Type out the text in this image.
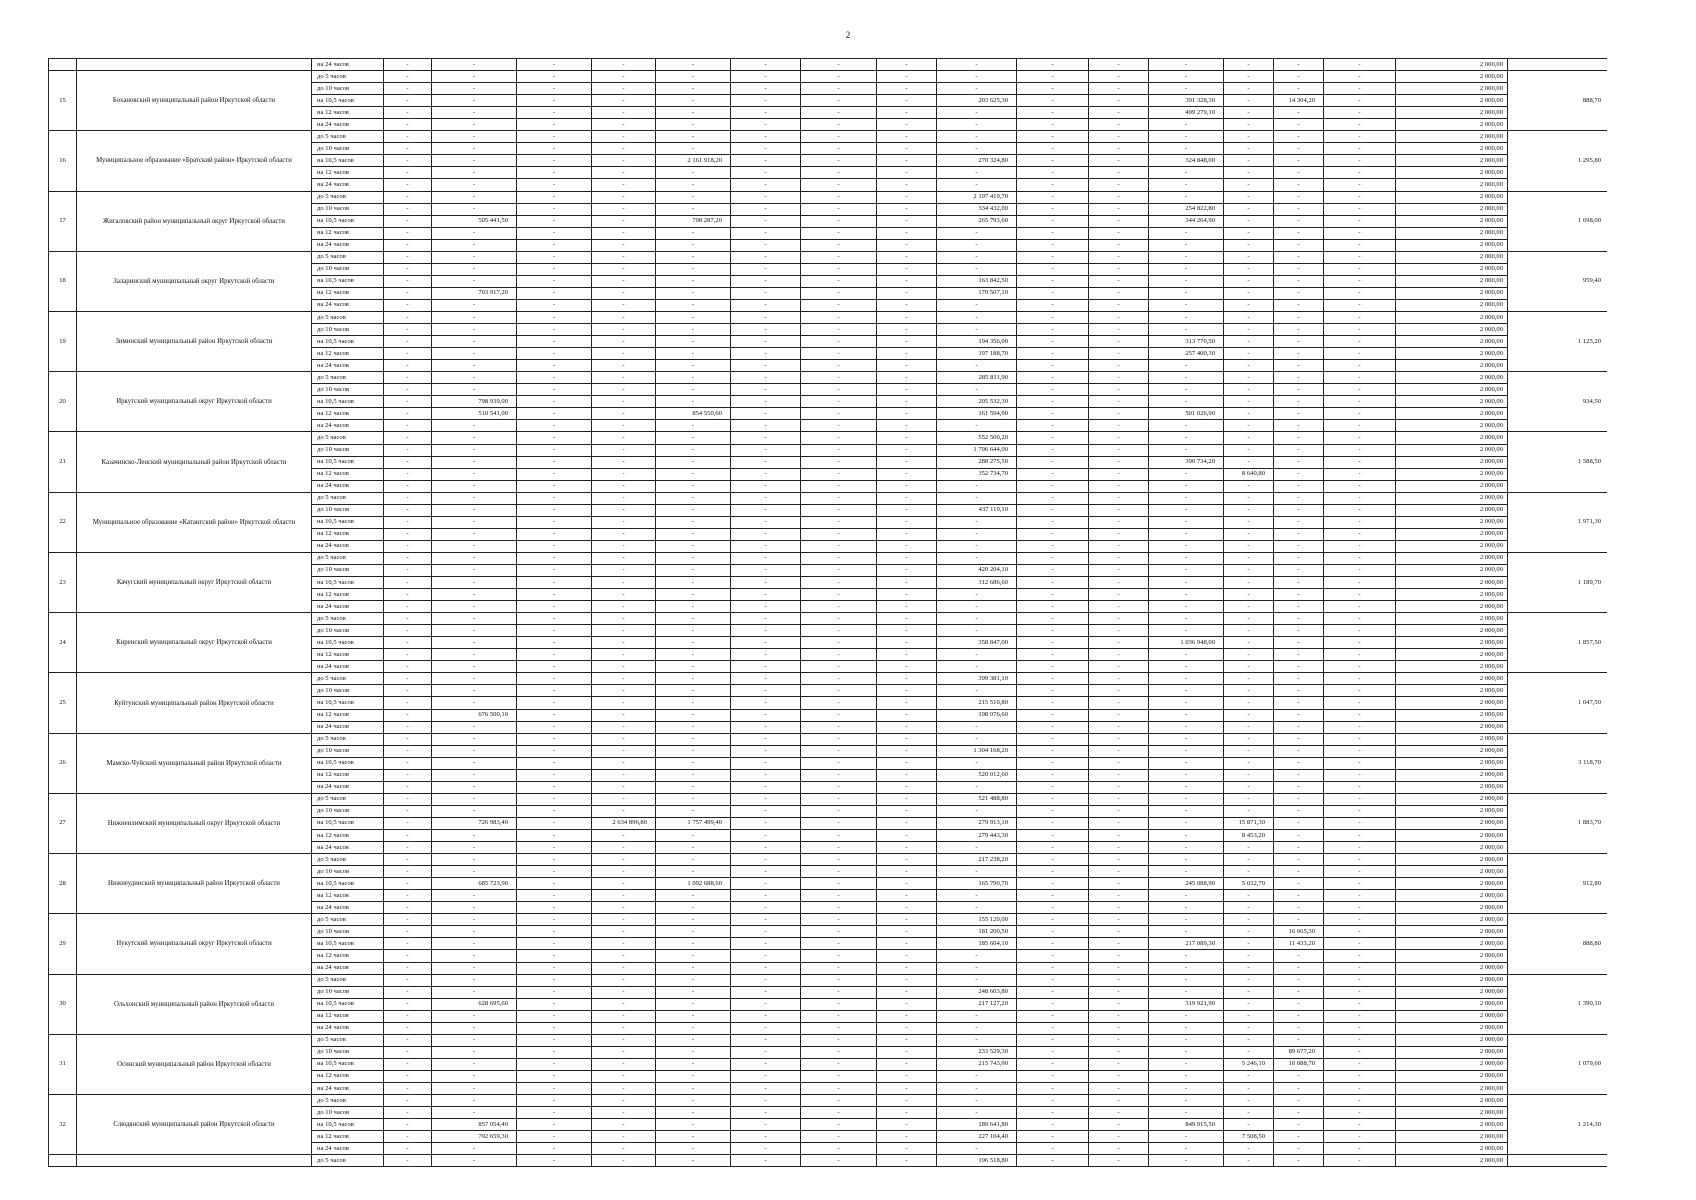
2
		на 24 часов	-	-	-	-	-	-	-	-	-	-	-	-	-	-	-	2 000,00	
15	Бохановский муниципальный район Иркутской области	до 5 часов	-	-	-	-	-	-	-	-	-	-	-	-	-	-	-	2 000,00	888,70
		до 10 часов	-	-	-	-	-	-	-	-	-	-	-	-	-	-	-	2 000,00	
		на 10,5 часов	-	-	-	-	-	-	-	-	203 625,30	-	-	391 328,30	-	14 304,20	-	2 000,00	
		на 12 часов	-	-	-	-	-	-	-	-	-	-	-	499 279,10	-	-	-	2 000,00	
		на 24 часов	-	-	-	-	-	-	-	-	-	-	-	-	-	-	-	2 000,00	
16	Муниципальное образование «Братский район» Иркутской области	до 5 часов	-	-	-	-	-	-	-	-	-	-	-	-	-	-	-	2 000,00	1 295,80
		до 10 часов	-	-	-	-	-	-	-	-	-	-	-	-	-	-	-	2 000,00	
		на 10,5 часов	-	-	-	-	2 161 918,20	-	-	-	270 324,80	-	-	324 848,00	-	-	-	2 000,00	
		на 12 часов	-	-	-	-	-	-	-	-	-	-	-	-	-	-	-	2 000,00	
		на 24 часов	-	-	-	-	-	-	-	-	-	-	-	-	-	-	-	2 000,00	
17	Жигаловский район муниципальный округ Иркутской области	до 5 часов	-	-	-	-	-	-	-	-	2 197 419,70	-	-	-	-	-	-	2 000,00	1 698,00
		до 10 часов	-	-	-	-	-	-	-	-	334 432,00	-	-	254 822,80	-	-	-	2 000,00	
		на 10,5 часов	-	505 441,50	-	-	798 287,20	-	-	-	265 793,60	-	-	344 264,90	-	-	-	2 000,00	
		на 12 часов	-	-	-	-	-	-	-	-	-	-	-	-	-	-	-	2 000,00	
		на 24 часов	-	-	-	-	-	-	-	-	-	-	-	-	-	-	-	2 000,00	
18	Заларинский муниципальный округ Иркутской области	до 5 часов	-	-	-	-	-	-	-	-	-	-	-	-	-	-	-	2 000,00	959,40
		до 10 часов	-	-	-	-	-	-	-	-	-	-	-	-	-	-	-	2 000,00	
		на 10,5 часов	-	-	-	-	-	-	-	-	163 842,50	-	-	-	-	-	-	2 000,00	
		на 12 часов	-	703 917,20	-	-	-	-	-	-	170 507,10	-	-	-	-	-	-	2 000,00	
		на 24 часов	-	-	-	-	-	-	-	-	-	-	-	-	-	-	-	2 000,00	
19	Зиминский муниципальный район Иркутской области	до 5 часов	-	-	-	-	-	-	-	-	-	-	-	-	-	-	-	2 000,00	1 125,20
		до 10 часов	-	-	-	-	-	-	-	-	-	-	-	-	-	-	-	2 000,00	
		на 10,5 часов	-	-	-	-	-	-	-	-	194 356,00	-	-	313 770,50	-	-	-	2 000,00	
		на 12 часов	-	-	-	-	-	-	-	-	197 188,70	-	-	257 400,30	-	-	-	2 000,00	
		на 24 часов	-	-	-	-	-	-	-	-	-	-	-	-	-	-	-	2 000,00	
20	Иркутский муниципальный округ Иркутской области	до 5 часов	-	-	-	-	-	-	-	-	285 811,90	-	-	-	-	-	-	2 000,00	934,50
		до 10 часов	-	-	-	-	-	-	-	-	-	-	-	-	-	-	-	2 000,00	
		на 10,5 часов	-	798 939,00	-	-	-	-	-	-	205 532,30	-	-	-	-	-	-	2 000,00	
		на 12 часов	-	510 541,00	-	-	854 550,60	-	-	-	161 594,90	-	-	501 026,90	-	-	-	2 000,00	
		на 24 часов	-	-	-	-	-	-	-	-	-	-	-	-	-	-	-	2 000,00	
21	Казачинско-Ленский муниципальный район Иркутской области	до 5 часов	-	-	-	-	-	-	-	-	552 500,20	-	-	-	-	-	-	2 000,00	1 588,50
		до 10 часов	-	-	-	-	-	-	-	-	1 796 644,00	-	-	-	-	-	-	2 000,00	
		на 10,5 часов	-	-	-	-	-	-	-	-	288 275,50	-	-	390 734,20	-	-	-	2 000,00	
		на 12 часов	-	-	-	-	-	-	-	-	352 734,70	-	-	-	8 640,80	-	-	2 000,00	
		на 24 часов	-	-	-	-	-	-	-	-	-	-	-	-	-	-	-	2 000,00	
22	Муниципальное образование «Катангский район» Иркутской области	до 5 часов	-	-	-	-	-	-	-	-	-	-	-	-	-	-	-	2 000,00	1 971,30
		до 10 часов	-	-	-	-	-	-	-	-	437 119,10	-	-	-	-	-	-	2 000,00	
		на 10,5 часов	-	-	-	-	-	-	-	-	-	-	-	-	-	-	-	2 000,00	
		на 12 часов	-	-	-	-	-	-	-	-	-	-	-	-	-	-	-	2 000,00	
		на 24 часов	-	-	-	-	-	-	-	-	-	-	-	-	-	-	-	2 000,00	
23	Качугский муниципальный округ Иркутской области	до 5 часов	-	-	-	-	-	-	-	-	-	-	-	-	-	-	-	2 000,00	1 189,70
		до 10 часов	-	-	-	-	-	-	-	-	420 204,10	-	-	-	-	-	-	2 000,00	
		на 10,5 часов	-	-	-	-	-	-	-	-	312 686,60	-	-	-	-	-	-	2 000,00	
		на 12 часов	-	-	-	-	-	-	-	-	-	-	-	-	-	-	-	2 000,00	
		на 24 часов	-	-	-	-	-	-	-	-	-	-	-	-	-	-	-	2 000,00	
24	Киренский муниципальный округ Иркутской области	до 5 часов	-	-	-	-	-	-	-	-	-	-	-	-	-	-	-	2 000,00	1 857,50
		до 10 часов	-	-	-	-	-	-	-	-	-	-	-	-	-	-	-	2 000,00	
		на 10,5 часов	-	-	-	-	-	-	-	-	358 847,00	-	-	1 036 948,00	-	-	-	2 000,00	
		на 12 часов	-	-	-	-	-	-	-	-	-	-	-	-	-	-	-	2 000,00	
		на 24 часов	-	-	-	-	-	-	-	-	-	-	-	-	-	-	-	2 000,00	
25	Куйтунский муниципальный район Иркутской области	до 5 часов	-	-	-	-	-	-	-	-	399 381,10	-	-	-	-	-	-	2 000,00	1 047,50
		до 10 часов	-	-	-	-	-	-	-	-	-	-	-	-	-	-	-	2 000,00	
		на 10,5 часов	-	-	-	-	-	-	-	-	215 510,80	-	-	-	-	-	-	2 000,00	
		на 12 часов	-	676 500,10	-	-	-	-	-	-	198 076,60	-	-	-	-	-	-	2 000,00	
		на 24 часов	-	-	-	-	-	-	-	-	-	-	-	-	-	-	-	2 000,00	
26	Мамско-Чуйский муниципальный район Иркутской области	до 5 часов	-	-	-	-	-	-	-	-	-	-	-	-	-	-	-	2 000,00	3 118,70
		до 10 часов	-	-	-	-	-	-	-	-	1 304 168,20	-	-	-	-	-	-	2 000,00	
		на 10,5 часов	-	-	-	-	-	-	-	-	-	-	-	-	-	-	-	2 000,00	
		на 12 часов	-	-	-	-	-	-	-	-	520 012,60	-	-	-	-	-	-	2 000,00	
		на 24 часов	-	-	-	-	-	-	-	-	-	-	-	-	-	-	-	2 000,00	
27	Нижнеилимский муниципальный округ Иркутской области	до 5 часов	-	-	-	-	-	-	-	-	521 488,80	-	-	-	-	-	-	2 000,00	1 883,70
		до 10 часов	-	-	-	-	-	-	-	-	-	-	-	-	-	-	-	2 000,00	
		на 10,5 часов	-	726 983,40	-	2 634 896,80	1 757 499,40	-	-	-	279 913,10	-	-	-	15 871,30	-	-	2 000,00	
		на 12 часов	-	-	-	-	-	-	-	-	279 443,30	-	-	-	8 453,20	-	-	2 000,00	
		на 24 часов	-	-	-	-	-	-	-	-	-	-	-	-	-	-	-	2 000,00	
28	Нижнеудинский муниципальный район Иркутской области	до 5 часов	-	-	-	-	-	-	-	-	217 238,20	-	-	-	-	-	-	2 000,00	912,80
		до 10 часов	-	-	-	-	-	-	-	-	-	-	-	-	-	-	-	2 000,00	
		на 10,5 часов	-	685 723,90	-	-	1 092 688,60	-	-	-	165 790,70	-	-	245 088,90	5 032,70	-	-	2 000,00	
		на 12 часов	-	-	-	-	-	-	-	-	-	-	-	-	-	-	-	2 000,00	
		на 24 часов	-	-	-	-	-	-	-	-	-	-	-	-	-	-	-	2 000,00	
29	Нукутский муниципальный округ Иркутской области	до 5 часов	-	-	-	-	-	-	-	-	155 120,00	-	-	-	-	-	-	2 000,00	888,80
		до 10 часов	-	-	-	-	-	-	-	-	181 200,50	-	-	-	-	16 665,30	-	2 000,00	
		на 10,5 часов	-	-	-	-	-	-	-	-	185 604,10	-	-	217 089,30	-	11 433,20	-	2 000,00	
		на 12 часов	-	-	-	-	-	-	-	-	-	-	-	-	-	-	-	2 000,00	
		на 24 часов	-	-	-	-	-	-	-	-	-	-	-	-	-	-	-	2 000,00	
30	Ольхонский муниципальный район Иркутской области	до 5 часов	-	-	-	-	-	-	-	-	-	-	-	-	-	-	-	2 000,00	1 390,10
		до 10 часов	-	-	-	-	-	-	-	-	248 603,80	-	-	-	-	-	-	2 000,00	
		на 10,5 часов	-	628 695,60	-	-	-	-	-	-	217 127,20	-	-	319 921,90	-	-	-	2 000,00	
		на 12 часов	-	-	-	-	-	-	-	-	-	-	-	-	-	-	-	2 000,00	
		на 24 часов	-	-	-	-	-	-	-	-	-	-	-	-	-	-	-	2 000,00	
31	Осинский муниципальный район Иркутской области	до 5 часов	-	-	-	-	-	-	-	-	-	-	-	-	-	-	-	2 000,00	1 079,60
		до 10 часов	-	-	-	-	-	-	-	-	233 529,30	-	-	-	-	89 677,20	-	2 000,00	
		на 10,5 часов	-	-	-	-	-	-	-	-	215 743,90	-	-	-	5 246,10	10 088,70	-	2 000,00	
		на 12 часов	-	-	-	-	-	-	-	-	-	-	-	-	-	-	-	2 000,00	
		на 24 часов	-	-	-	-	-	-	-	-	-	-	-	-	-	-	-	2 000,00	
32	Слюдянский муниципальный район Иркутской области	до 5 часов	-	-	-	-	-	-	-	-	-	-	-	-	-	-	-	2 000,00	1 214,30
		до 10 часов	-	-	-	-	-	-	-	-	-	-	-	-	-	-	-	2 000,00	
		на 10,5 часов	-	857 054,40	-	-	-	-	-	-	189 641,80	-	-	849 915,50	-	-	-	2 000,00	
		на 12 часов	-	792 659,30	-	-	-	-	-	-	227 104,40	-	-	-	7 508,50	-	-	2 000,00	
		на 24 часов	-	-	-	-	-	-	-	-	-	-	-	-	-	-	-	2 000,00	
		до 5 часов	-	-	-	-	-	-	-	-	196 518,80	-	-	-	-	-	-	2 000,00	
